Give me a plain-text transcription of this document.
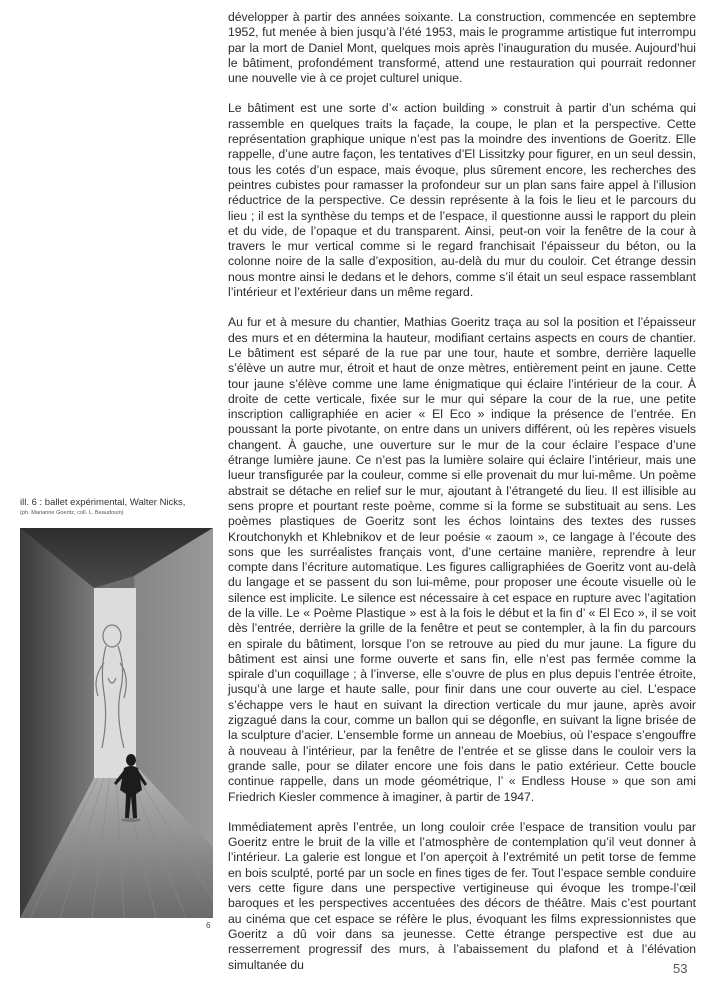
développer à partir des années soixante. La construction, commencée en septembre 1952, fut menée à bien jusqu’à l’été 1953, mais le programme artistique fut interrompu par la mort de Daniel Mont, quelques mois après l’inauguration du musée. Aujourd’hui le bâtiment, profondément transformé, attend une restauration qui pourrait redonner une nouvelle vie à ce projet culturel unique.

Le bâtiment est une sorte d’« action building » construit à partir d’un schéma qui rassemble en quelques traits la façade, la coupe, le plan et la perspective. Cette représentation graphique unique n’est pas la moindre des inventions de Goeritz. Elle rappelle, d’une autre façon, les tentatives d’El Lissitzky pour figurer, en un seul dessin, tous les cotés d’un espace, mais évoque, plus sûrement encore, les recherches des peintres cubistes pour ramasser la profondeur sur un plan sans faire appel à l’illusion réductrice de la perspective. Ce dessin représente à la fois le lieu et le parcours du lieu ; il est la synthèse du temps et de l’espace, il questionne aussi le rapport du plein et du vide, de l’opaque et du transparent. Ainsi, peut-on voir la fenêtre de la cour à travers le mur vertical comme si le regard franchisait l’épaisseur du béton, ou la colonne noire de la salle d’exposition, au-delà du mur du couloir. Cet étrange dessin nous montre ainsi le dedans et le dehors, comme s’il était un seul espace rassemblant l’intérieur et l’extérieur dans un même regard.

Au fur et à mesure du chantier, Mathias Goeritz traça au sol la position et l’épaisseur des murs et en détermina la hauteur, modifiant certains aspects en cours de chantier. Le bâtiment est séparé de la rue par une tour, haute et sombre, derrière laquelle s’élève un autre mur, étroit et haut de onze mètres, entièrement peint en jaune. Cette tour jaune s’élève comme une lame énigmatique qui éclaire l’intérieur de la cour. À droite de cette verticale, fixée sur le mur qui sépare la cour de la rue, une petite inscription calligraphiée en acier « El Eco » indique la présence de l’entrée. En poussant la porte pivotante, on entre dans un univers différent, où les repères visuels changent. À gauche, une ouverture sur le mur de la cour éclaire l’espace d’une étrange lumière jaune. Ce n’est pas la lumière solaire qui éclaire l’intérieur, mais une lueur transfigurée par la couleur, comme si elle provenait du mur lui-même. Un poème abstrait se détache en relief sur le mur, ajoutant à l’étrangeté du lieu. Il est illisible au sens propre et pourtant reste poème, comme si la forme se substituait au sens. Les poèmes plastiques de Goeritz sont les échos lointains des textes des russes Kroutchonykh et Khlebnikov et de leur poésie « zaoum », ce langage à l’écoute des sons que les surréalistes français vont, d’une certaine manière, reprendre à leur compte dans l’écriture automatique. Les figures calligraphiées de Goeritz vont au-delà du langage et se passent du son lui-même, pour proposer une écoute visuelle où le silence est implicite. Le silence est nécessaire à cet espace en rupture avec l’agitation de la ville. Le « Poème Plastique » est à la fois le début et la fin d’ « El Eco », il se voit dès l’entrée, derrière la grille de la fenêtre et peut se contempler, à la fin du parcours en spirale du bâtiment, lorsque l’on se retrouve au pied du mur jaune. La figure du bâtiment est ainsi une forme ouverte et sans fin, elle n’est pas fermée comme la spirale d’un coquillage ; à l’inverse, elle s’ouvre de plus en plus depuis l’entrée étroite, jusqu’à une large et haute salle, pour finir dans une cour ouverte au ciel. L’espace s’échappe vers le haut en suivant la direction verticale du mur jaune, après avoir zigzagué dans la cour, comme un ballon qui se dégonfle, en suivant la ligne brisée de la sculpture d’acier. L’ensemble forme un anneau de Moebius, où l’espace s’engouffre à nouveau à l’intérieur, par la fenêtre de l’entrée et se glisse dans le couloir vers la grande salle, pour se dilater encore une fois dans le patio extérieur. Cette boucle continue rappelle, dans un mode géométrique, l’ « Endless House » que son ami Friedrich Kiesler commence à imaginer, à partir de 1947.

Immédiatement après l’entrée, un long couloir crée l’espace de transition voulu par Goeritz entre le bruit de la ville et l’atmosphère de contemplation qu’il veut donner à l’intérieur. La galerie est longue et l’on aperçoit à l’extrémité un petit torse de femme en bois sculpté, porté par un socle en fines tiges de fer. Tout l’espace semble conduire vers cette figure dans une perspective vertigineuse qui évoque les trompe-l’œil baroques et les perspectives accentuées des décors de théâtre. Mais c’est pourtant au cinéma que cet espace se réfère le plus, évoquant les films expressionnistes que Goeritz a dû voir dans sa jeunesse. Cette étrange perspective est due au resserrement progressif des murs, à l’abaissement du plafond et à l’élévation simultanée du

ill. 6 : ballet expérimental, Walter Nicks,
(ph. Marianne Goeritz, coll. L. Beaudouin)
6
53
